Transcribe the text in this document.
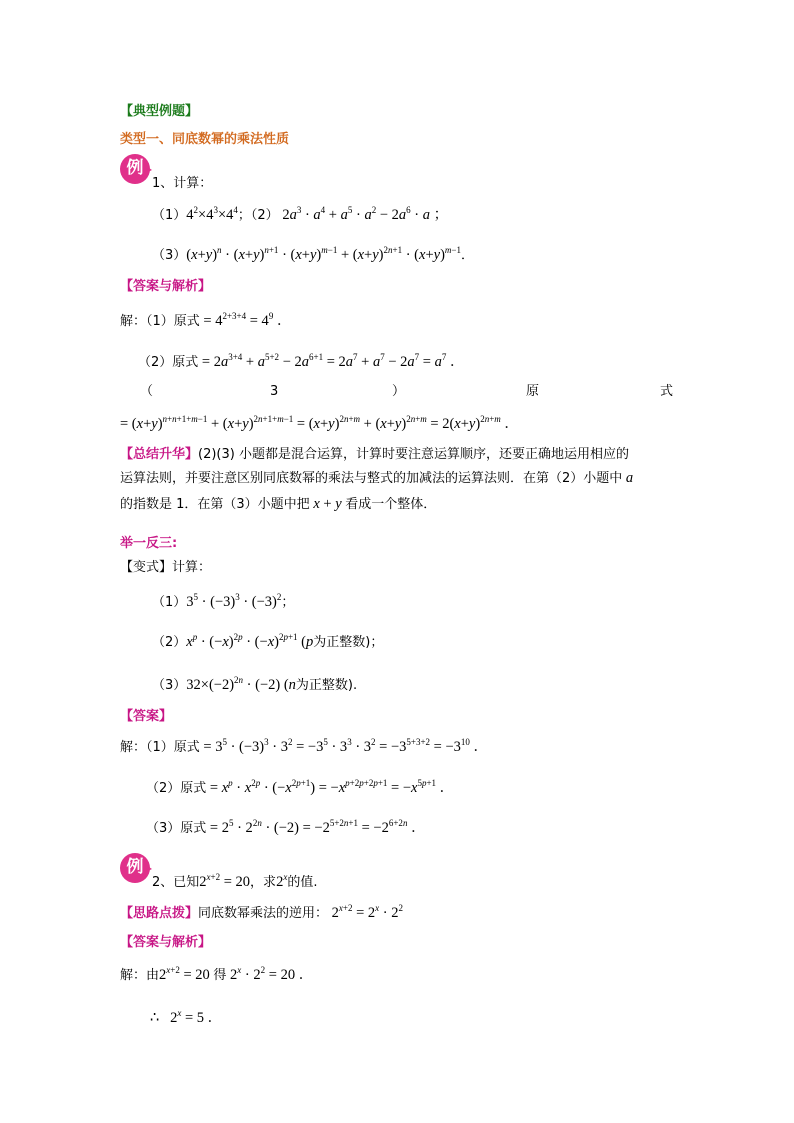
【典型例题】
类型一、同底数幂的乘法性质
例
1、计算：
$(1)4^2\times 4^3\times 4^4$；（2） $2a^3 \cdot a^4 + a^5 \cdot a^2 - 2a^6 \cdot a$ ；
$(3)(x+y)^n \cdot (x+y)^{n+1} \cdot (x+y)^{m-1} + (x+y)^{2n+1} \cdot (x+y)^{m-1}$．
【答案与解析】
解：（1）原式 = $4^{2+3+4} = 4^9$ ．
（2）原式 = $2a^{3+4} + a^{5+2} - 2a^{6+1} = 2a^7 + a^7 - 2a^7 = a^7$ ．
（	3	）	原	式
= $(x+y)^{n+n+1+m-1} + (x+y)^{2n+1+m-1} = (x+y)^{2n+m} + (x+y)^{2n+m} = 2(x+y)^{2n+m}$ ．
【总结升华】(2)(3) 小题都是混合运算，计算时要注意运算顺序，还要正确地运用相应的
运算法则，并要注意区别同底数幂的乘法与整式的加减法的运算法则．在第（2）小题中 a
的指数是 1．在第（3）小题中把 x + y 看成一个整体．
举一反三:
【变式】计算：
$(1)3^5 \cdot (-3)^3 \cdot (-3)^2$；
$(2)x^p \cdot (-x)^{2p} \cdot (-x)^{2p+1}$ (p为正整数)；
$(3)32\times(-2)^{2n} \cdot (-2)$ (n为正整数).
【答案】
解：（1）原式 = $3^5 \cdot (-3)^3 \cdot 3^2 = -3^5 \cdot 3^3 \cdot 3^2 = -3^{5+3+2} = -3^{10}$ ．
（2）原式 = $x^p \cdot x^{2p} \cdot (-x^{2p+1}) = -x^{p+2p+2p+1} = -x^{5p+1}$ ．
（3）原式 = $2^5 \cdot 2^{2n} \cdot (-2) = -2^{5+2n+1} = -2^{6+2n}$ ．
例
2、已知$2^{x+2} = 20$，求2$^x$的值.
【思路点拨】同底数幂乘法的逆用： $2^{x+2} = 2^x \cdot 2^2$
【答案与解析】
解：由$2^{x+2} = 20$ 得 $2^x \cdot 2^2 = 20$ ．
∴   $2^x = 5$ ．
